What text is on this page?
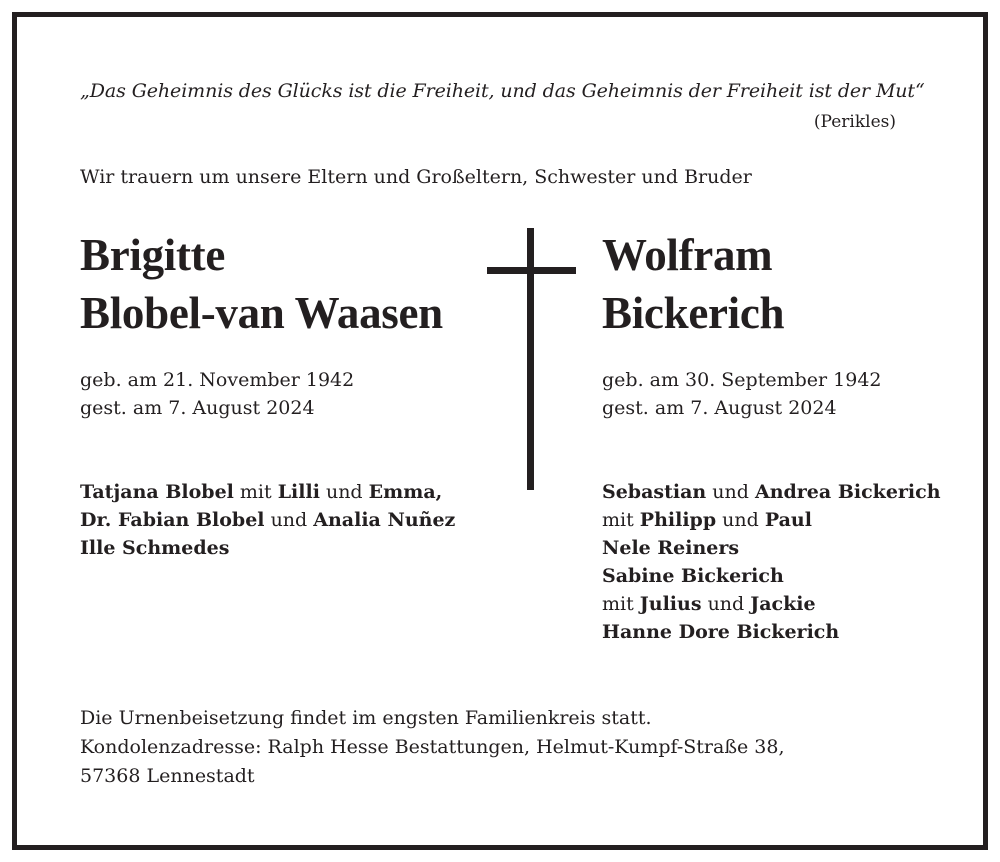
„Das Geheimnis des Glücks ist die Freiheit, und das Geheimnis der Freiheit ist der Mut“
(Perikles)
Wir trauern um unsere Eltern und Großeltern, Schwester und Bruder
Brigitte
Blobel-van Waasen
Wolfram
Bickerich
geb. am 21. November 1942
gest. am 7. August 2024
geb. am 30. September 1942
gest. am 7. August 2024
Tatjana Blobel mit Lilli und Emma,
Dr. Fabian Blobel und Analia Nuñez
Ille Schmedes
Sebastian und Andrea Bickerich
mit Philipp und Paul
Nele Reiners
Sabine Bickerich
mit Julius und Jackie
Hanne Dore Bickerich
Die Urnenbeisetzung findet im engsten Familienkreis statt.
Kondolenzadresse: Ralph Hesse Bestattungen, Helmut-Kumpf-Straße 38,
57368 Lennestadt
